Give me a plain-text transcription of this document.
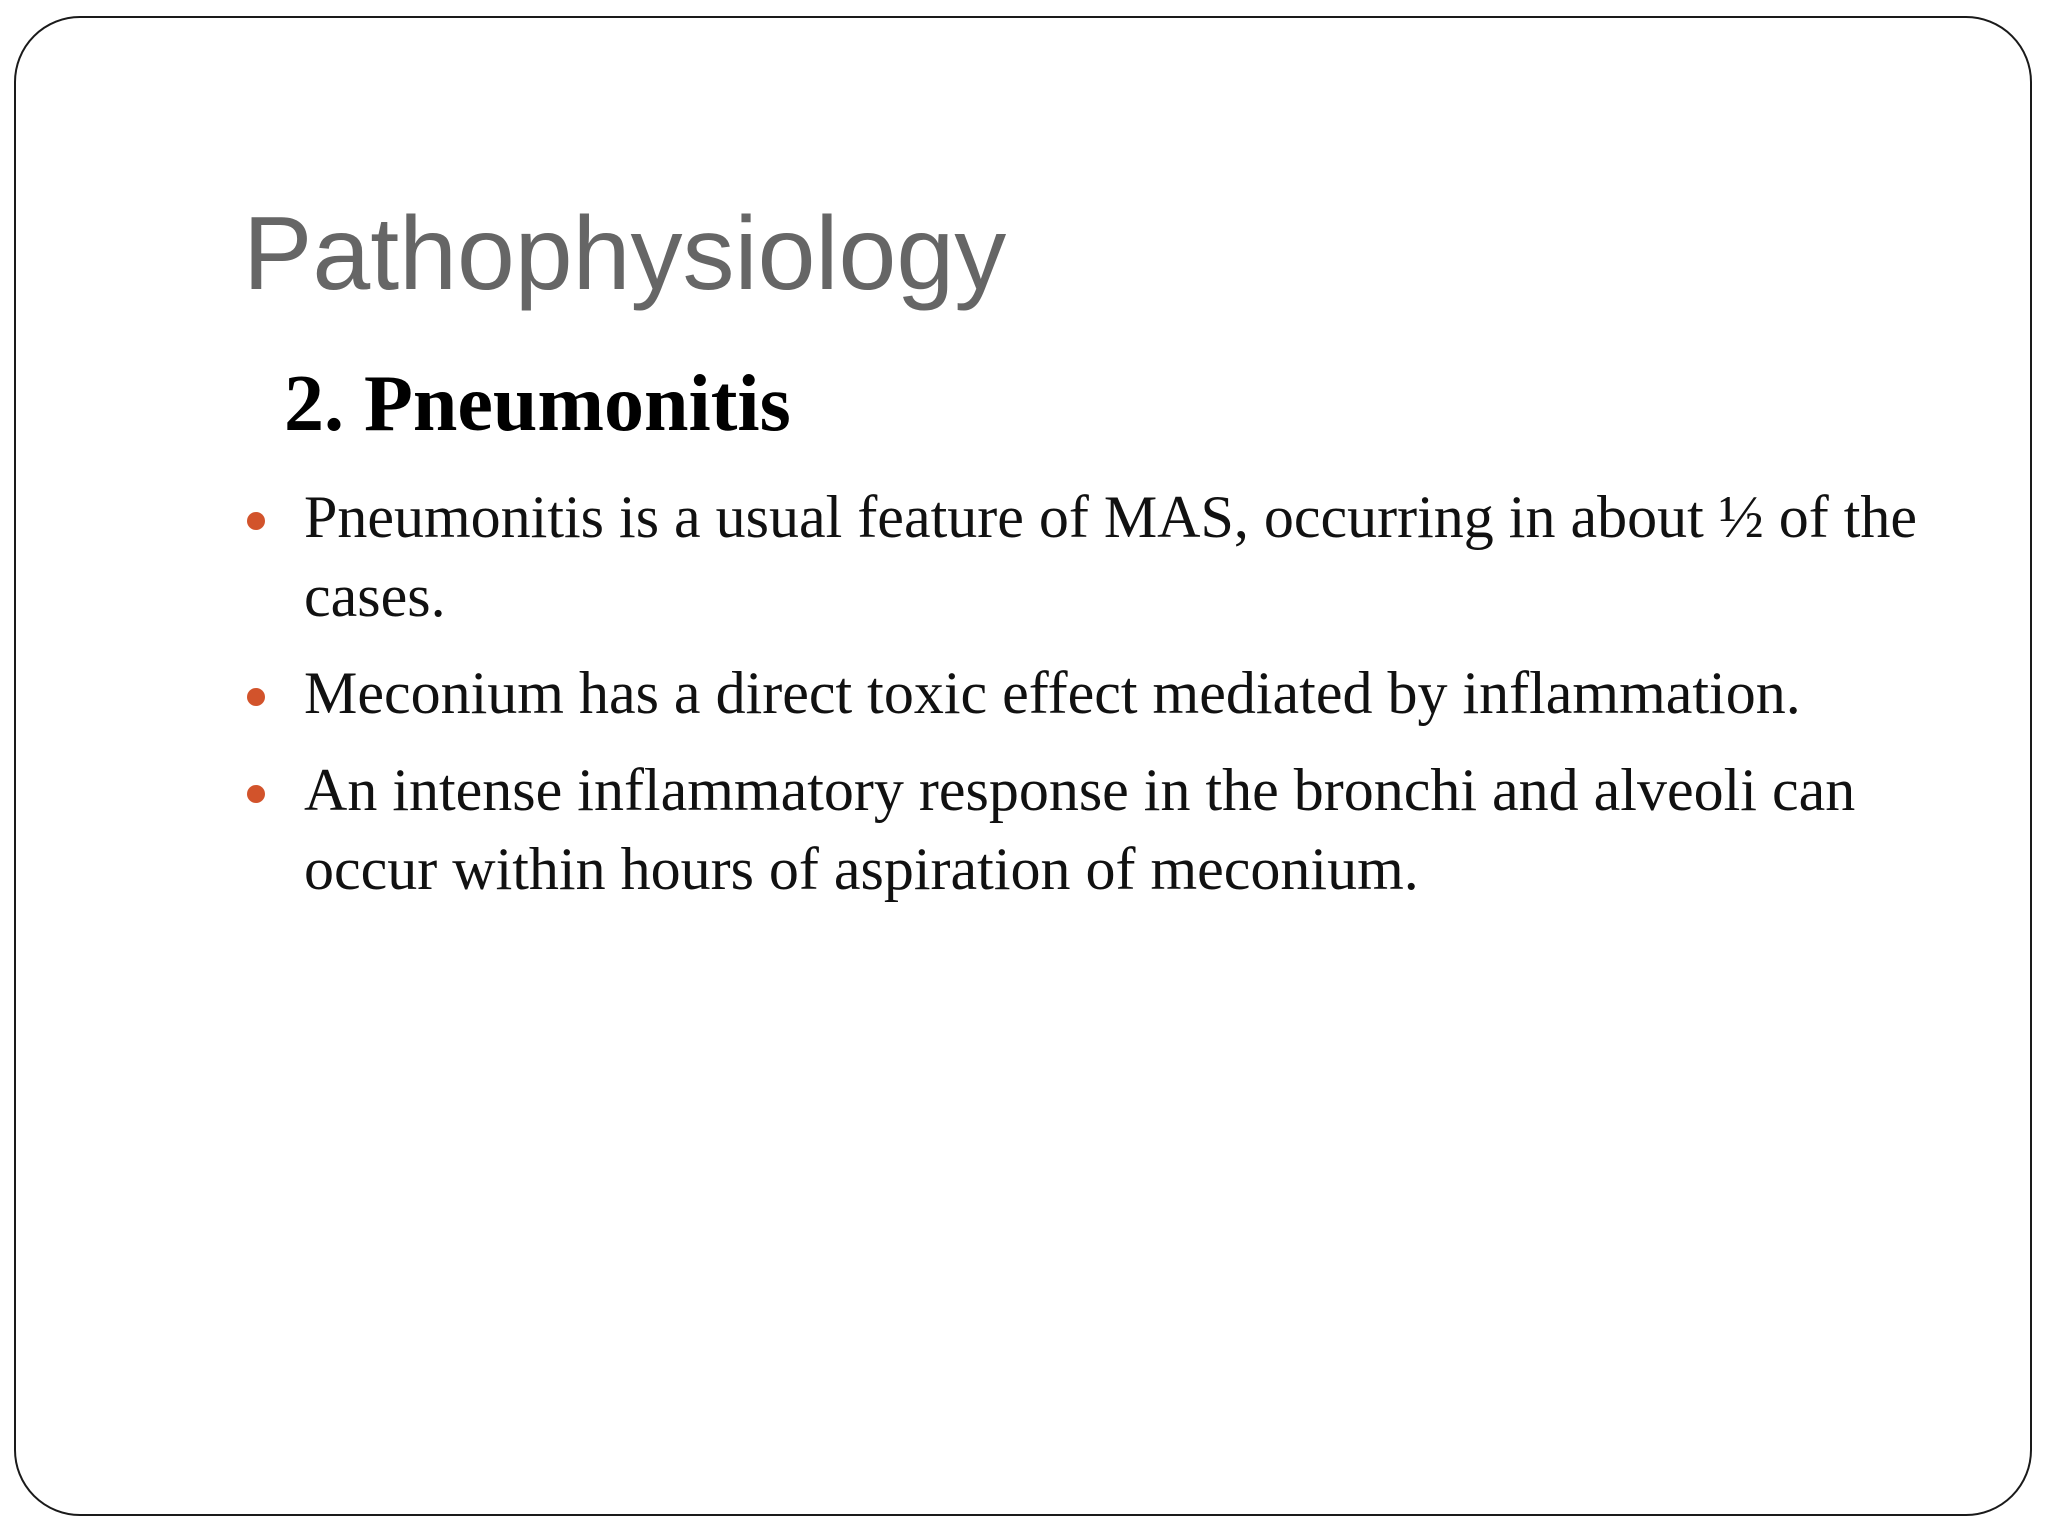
Pathophysiology
2. Pneumonitis
Pneumonitis is a usual feature of MAS, occurring in about ½ of the cases.
Meconium has a direct toxic effect mediated by inflammation.
An intense inflammatory response in the bronchi and alveoli can occur within hours of aspiration of meconium.
